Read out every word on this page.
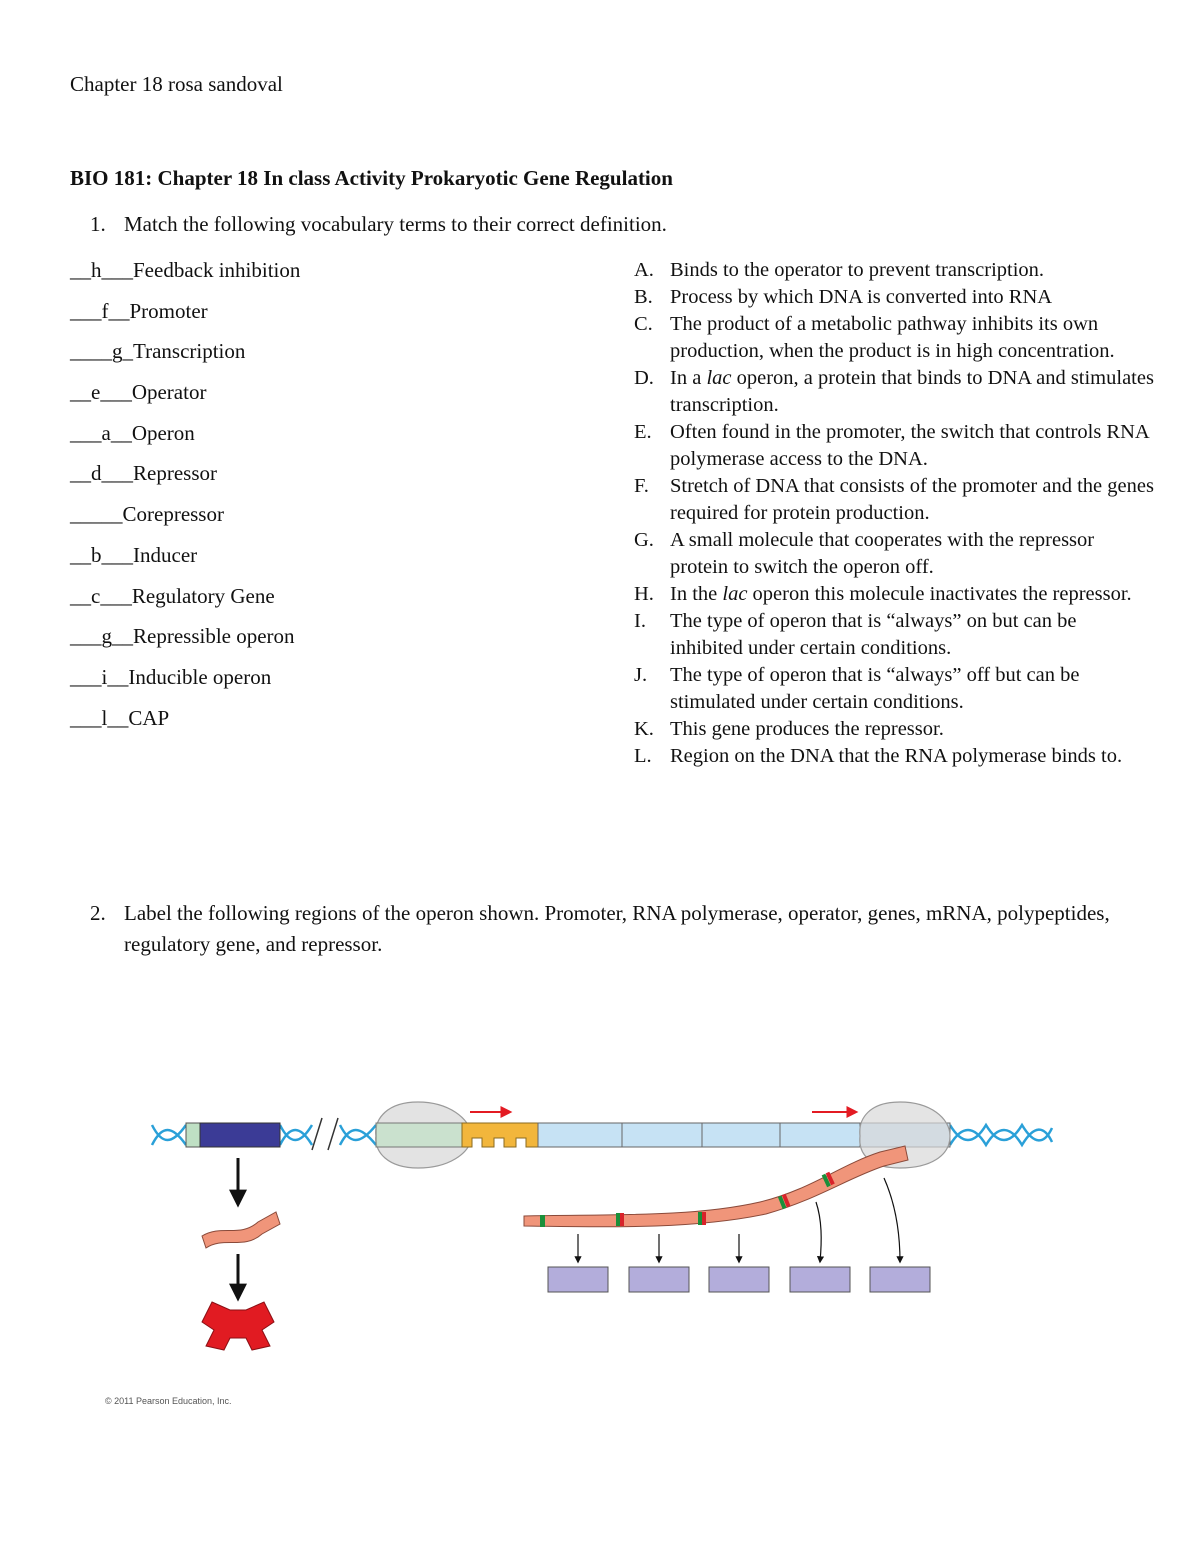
Chapter 18 rosa sandoval
BIO 181: Chapter 18 In class Activity Prokaryotic Gene Regulation
1. Match the following vocabulary terms to their correct definition.
__h___Feedback inhibition
___f__Promoter
____g_Transcription
__e___Operator
___a__Operon
__d___Repressor
_____Corepressor
__b___Inducer
__c___Regulatory Gene
___g__Repressible operon
___i__Inducible operon
___l__CAP
A. Binds to the operator to prevent transcription.
B. Process by which DNA is converted into RNA
C. The product of a metabolic pathway inhibits its own production, when the product is in high concentration.
D. In a lac operon, a protein that binds to DNA and stimulates transcription.
E. Often found in the promoter, the switch that controls RNA polymerase access to the DNA.
F. Stretch of DNA that consists of the promoter and the genes required for protein production.
G. A small molecule that cooperates with the repressor protein to switch the operon off.
H. In the lac operon this molecule inactivates the repressor.
I. The type of operon that is “always” on but can be inhibited under certain conditions.
J. The type of operon that is “always” off but can be stimulated under certain conditions.
K. This gene produces the repressor.
L. Region on the DNA that the RNA polymerase binds to.
2. Label the following regions of the operon shown. Promoter, RNA polymerase, operator, genes, mRNA, polypeptides, regulatory gene, and repressor.
© 2011 Pearson Education, Inc.
